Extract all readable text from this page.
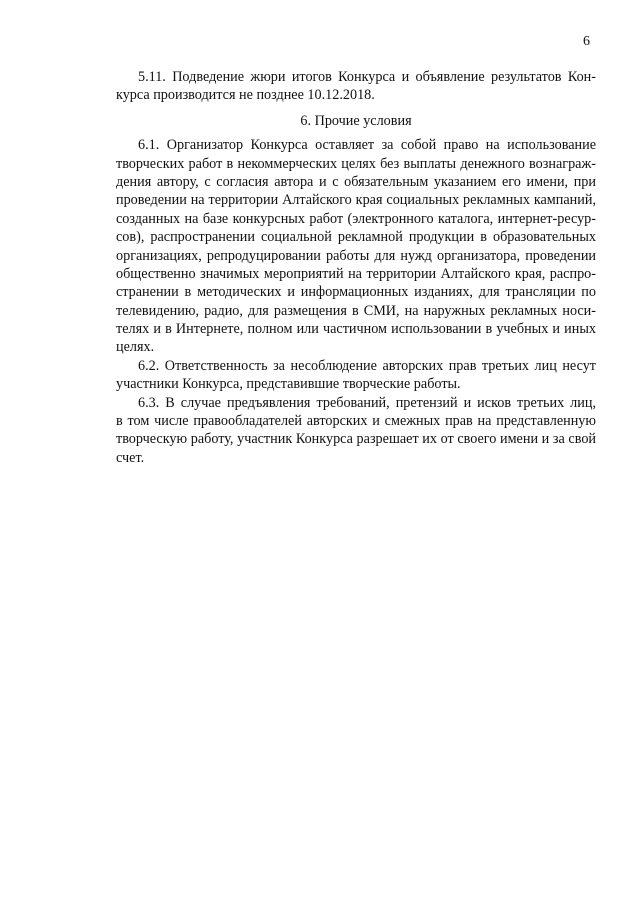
6
5.11. Подведение жюри итогов Конкурса и объявление результатов Кон-
курса производится не позднее 10.12.2018.
6. Прочие условия
6.1. Организатор Конкурса оставляет за собой право на использование
творческих работ в некоммерческих целях без выплаты денежного вознаграж-
дения автору, с согласия автора и с обязательным указанием его имени, при
проведении на территории Алтайского края социальных рекламных кампаний,
созданных на базе конкурсных работ (электронного каталога, интернет-ресур-
сов), распространении социальной рекламной продукции в образовательных
организациях, репродуцировании работы для нужд организатора, проведении
общественно значимых мероприятий на территории Алтайского края, распро-
странении в методических и информационных изданиях, для трансляции по
телевидению, радио, для размещения в СМИ, на наружных рекламных носи-
телях и в Интернете, полном или частичном использовании в учебных и иных
целях.
6.2. Ответственность за несоблюдение авторских прав третьих лиц несут
участники Конкурса, представившие творческие работы.
6.3. В случае предъявления требований, претензий и исков третьих лиц,
в том числе правообладателей авторских и смежных прав на представленную
творческую работу, участник Конкурса разрешает их от своего имени и за свой
счет.
